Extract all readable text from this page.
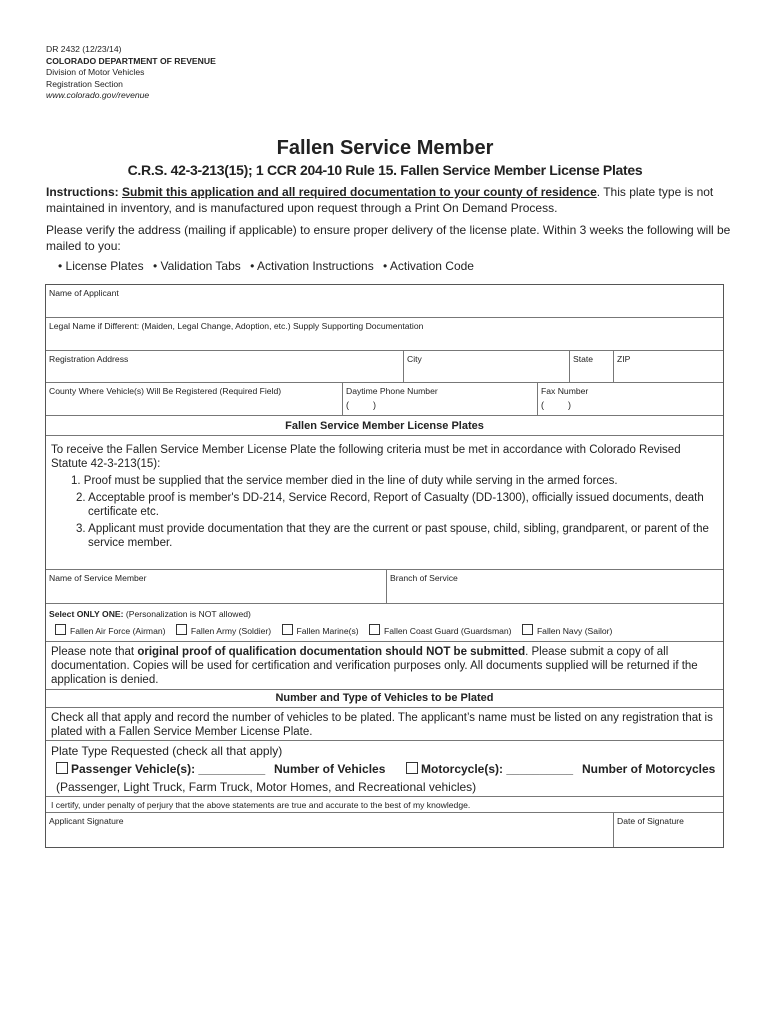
DR 2432 (12/23/14)
COLORADO DEPARTMENT OF REVENUE
Division of Motor Vehicles
Registration Section
www.colorado.gov/revenue
Fallen Service Member
C.R.S. 42-3-213(15); 1 CCR 204-10 Rule 15. Fallen Service Member License Plates
Instructions: Submit this application and all required documentation to your county of residence. This plate type is not maintained in inventory, and is manufactured upon request through a Print On Demand Process.
Please verify the address (mailing if applicable) to ensure proper delivery of the license plate. Within 3 weeks the following will be mailed to you:
• License Plates • Validation Tabs • Activation Instructions • Activation Code
Name of Applicant
Legal Name if Different: (Maiden, Legal Change, Adoption, etc.) Supply Supporting Documentation
Registration Address	City	State	ZIP
County Where Vehicle(s) Will Be Registered (Required Field)	Daytime Phone Number
(	)
Fax Number
(	)
Fallen Service Member License Plates
To receive the Fallen Service Member License Plate the following criteria must be met in accordance with Colorado Revised Statute 42-3-213(15):
1. Proof must be supplied that the service member died in the line of duty while serving in the armed forces.
2. Acceptable proof is member's DD-214, Service Record, Report of Casualty (DD-1300), officially issued documents, death certificate etc.
3. Applicant must provide documentation that they are the current or past spouse, child, sibling, grandparent, or parent of the service member.
Name of Service Member	Branch of Service
Select ONLY ONE: (Personalization is NOT allowed)
Fallen Air Force (Airman)	Fallen Army (Soldier)	Fallen Marine(s)	Fallen Coast Guard (Guardsman)	Fallen Navy (Sailor)
Please note that original proof of qualification documentation should NOT be submitted. Please submit a copy of all documentation. Copies will be used for certification and verification purposes only. All documents supplied will be returned if the application is denied.
Number and Type of Vehicles to be Plated
Check all that apply and record the number of vehicles to be plated. The applicant’s name must be listed on any registration that is plated with a Fallen Service Member License Plate.
Plate Type Requested (check all that apply)
Passenger Vehicle(s): __________ Number of Vehicles	Motorcycle(s): __________ Number of Motorcycles
(Passenger, Light Truck, Farm Truck, Motor Homes, and Recreational vehicles)
I certify, under penalty of perjury that the above statements are true and accurate to the best of my knowledge.
Applicant Signature	Date of Signature
